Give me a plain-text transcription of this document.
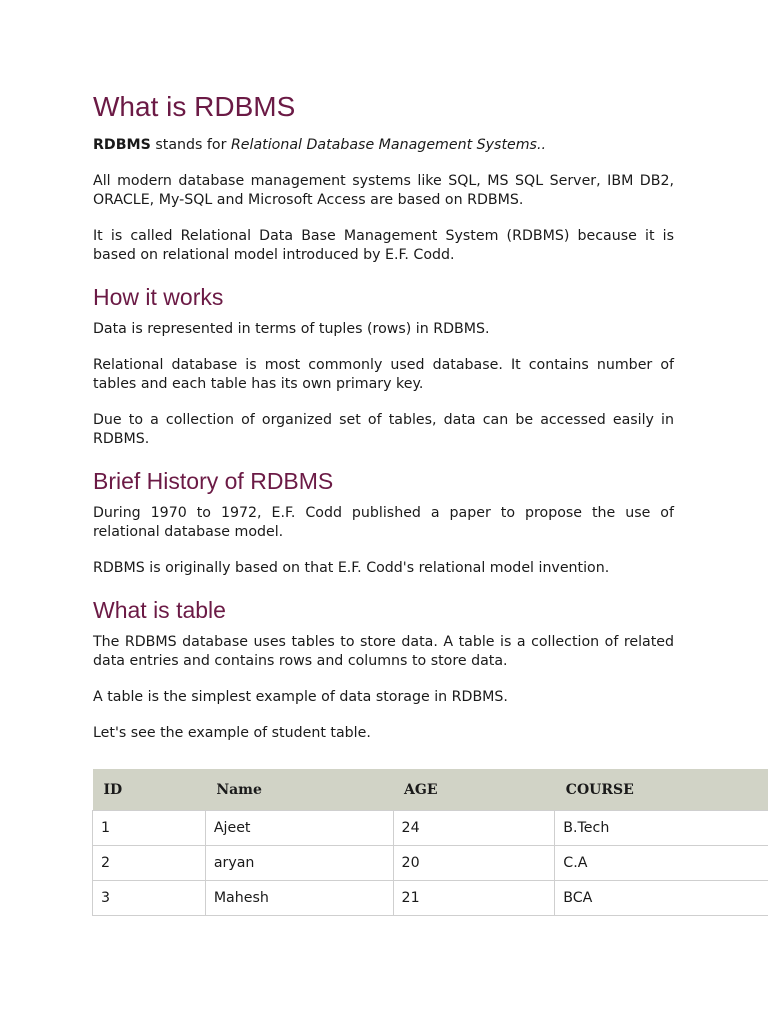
What is RDBMS

RDBMS stands for Relational Database Management Systems..

All modern database management systems like SQL, MS SQL Server, IBM DB2, ORACLE, My-SQL and Microsoft Access are based on RDBMS.

It is called Relational Data Base Management System (RDBMS) because it is based on relational model introduced by E.F. Codd.

How it works

Data is represented in terms of tuples (rows) in RDBMS.

Relational database is most commonly used database. It contains number of tables and each table has its own primary key.

Due to a collection of organized set of tables, data can be accessed easily in RDBMS.

Brief History of RDBMS

During 1970 to 1972, E.F. Codd published a paper to propose the use of relational database model.

RDBMS is originally based on that E.F. Codd's relational model invention.

What is table

The RDBMS database uses tables to store data. A table is a collection of related data entries and contains rows and columns to store data.

A table is the simplest example of data storage in RDBMS.

Let's see the example of student table.

ID	Name	AGE	COURSE
1	Ajeet	24	B.Tech
2	aryan	20	C.A
3	Mahesh	21	BCA
